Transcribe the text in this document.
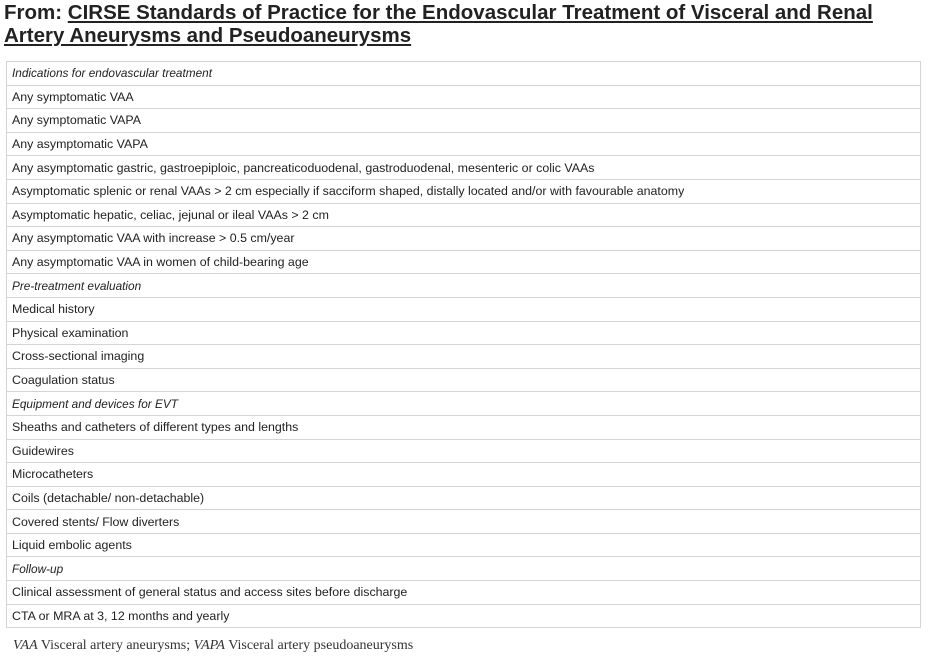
From: CIRSE Standards of Practice for the Endovascular Treatment of Visceral and Renal Artery Aneurysms and Pseudoaneurysms
Indications for endovascular treatment
Any symptomatic VAA
Any symptomatic VAPA
Any asymptomatic VAPA
Any asymptomatic gastric, gastroepiploic, pancreaticoduodenal, gastroduodenal, mesenteric or colic VAAs
Asymptomatic splenic or renal VAAs > 2 cm especially if sacciform shaped, distally located and/or with favourable anatomy
Asymptomatic hepatic, celiac, jejunal or ileal VAAs > 2 cm
Any asymptomatic VAA with increase > 0.5 cm/year
Any asymptomatic VAA in women of child-bearing age
Pre-treatment evaluation
Medical history
Physical examination
Cross-sectional imaging
Coagulation status
Equipment and devices for EVT
Sheaths and catheters of different types and lengths
Guidewires
Microcatheters
Coils (detachable/ non-detachable)
Covered stents/ Flow diverters
Liquid embolic agents
Follow-up
Clinical assessment of general status and access sites before discharge
CTA or MRA at 3, 12 months and yearly
VAA Visceral artery aneurysms; VAPA Visceral artery pseudoaneurysms
